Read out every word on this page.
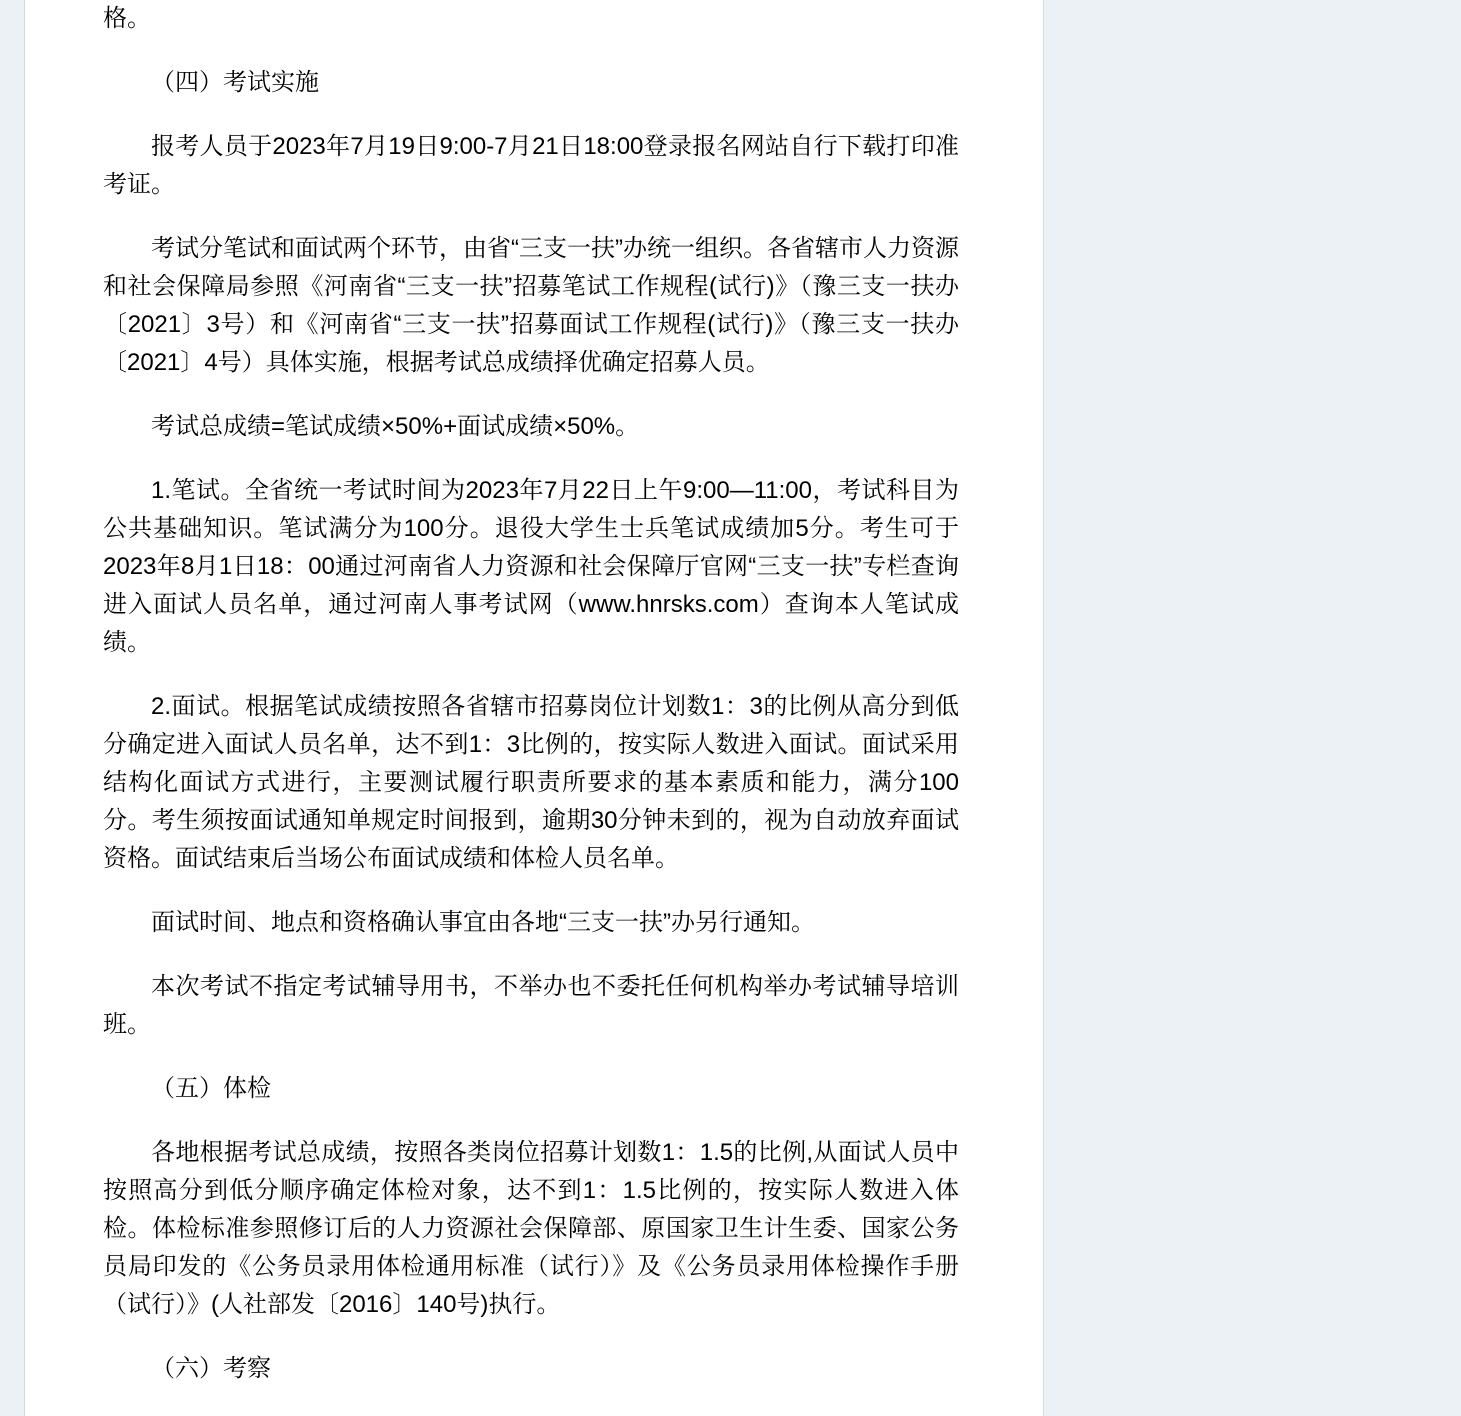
格。

（四）考试实施

报考人员于2023年7月19日9:00-7月21日18:00登录报名网站自行下载打印准考证。

考试分笔试和面试两个环节，由省“三支一扶”办统一组织。各省辖市人力资源和社会保障局参照《河南省“三支一扶”招募笔试工作规程(试行)》（豫三支一扶办〔2021〕3号）和《河南省“三支一扶”招募面试工作规程(试行)》（豫三支一扶办〔2021〕4号）具体实施，根据考试总成绩择优确定招募人员。

考试总成绩=笔试成绩×50%+面试成绩×50%。

1.笔试。全省统一考试时间为2023年7月22日上午9:00—11:00，考试科目为公共基础知识。笔试满分为100分。退役大学生士兵笔试成绩加5分。考生可于2023年8月1日18：00通过河南省人力资源和社会保障厅官网“三支一扶”专栏查询进入面试人员名单，通过河南人事考试网（www.hnrsks.com）查询本人笔试成绩。

2.面试。根据笔试成绩按照各省辖市招募岗位计划数1：3的比例从高分到低分确定进入面试人员名单，达不到1：3比例的，按实际人数进入面试。面试采用结构化面试方式进行，主要测试履行职责所要求的基本素质和能力，满分100分。考生须按面试通知单规定时间报到，逾期30分钟未到的，视为自动放弃面试资格。面试结束后当场公布面试成绩和体检人员名单。

面试时间、地点和资格确认事宜由各地“三支一扶”办另行通知。

本次考试不指定考试辅导用书，不举办也不委托任何机构举办考试辅导培训班。

（五）体检

各地根据考试总成绩，按照各类岗位招募计划数1：1.5的比例,从面试人员中按照高分到低分顺序确定体检对象，达不到1：1.5比例的，按实际人数进入体检。体检标准参照修订后的人力资源社会保障部、原国家卫生计生委、国家公务员局印发的《公务员录用体检通用标准（试行）》及《公务员录用体检操作手册（试行）》(人社部发〔2016〕140号)执行。

（六）考察
